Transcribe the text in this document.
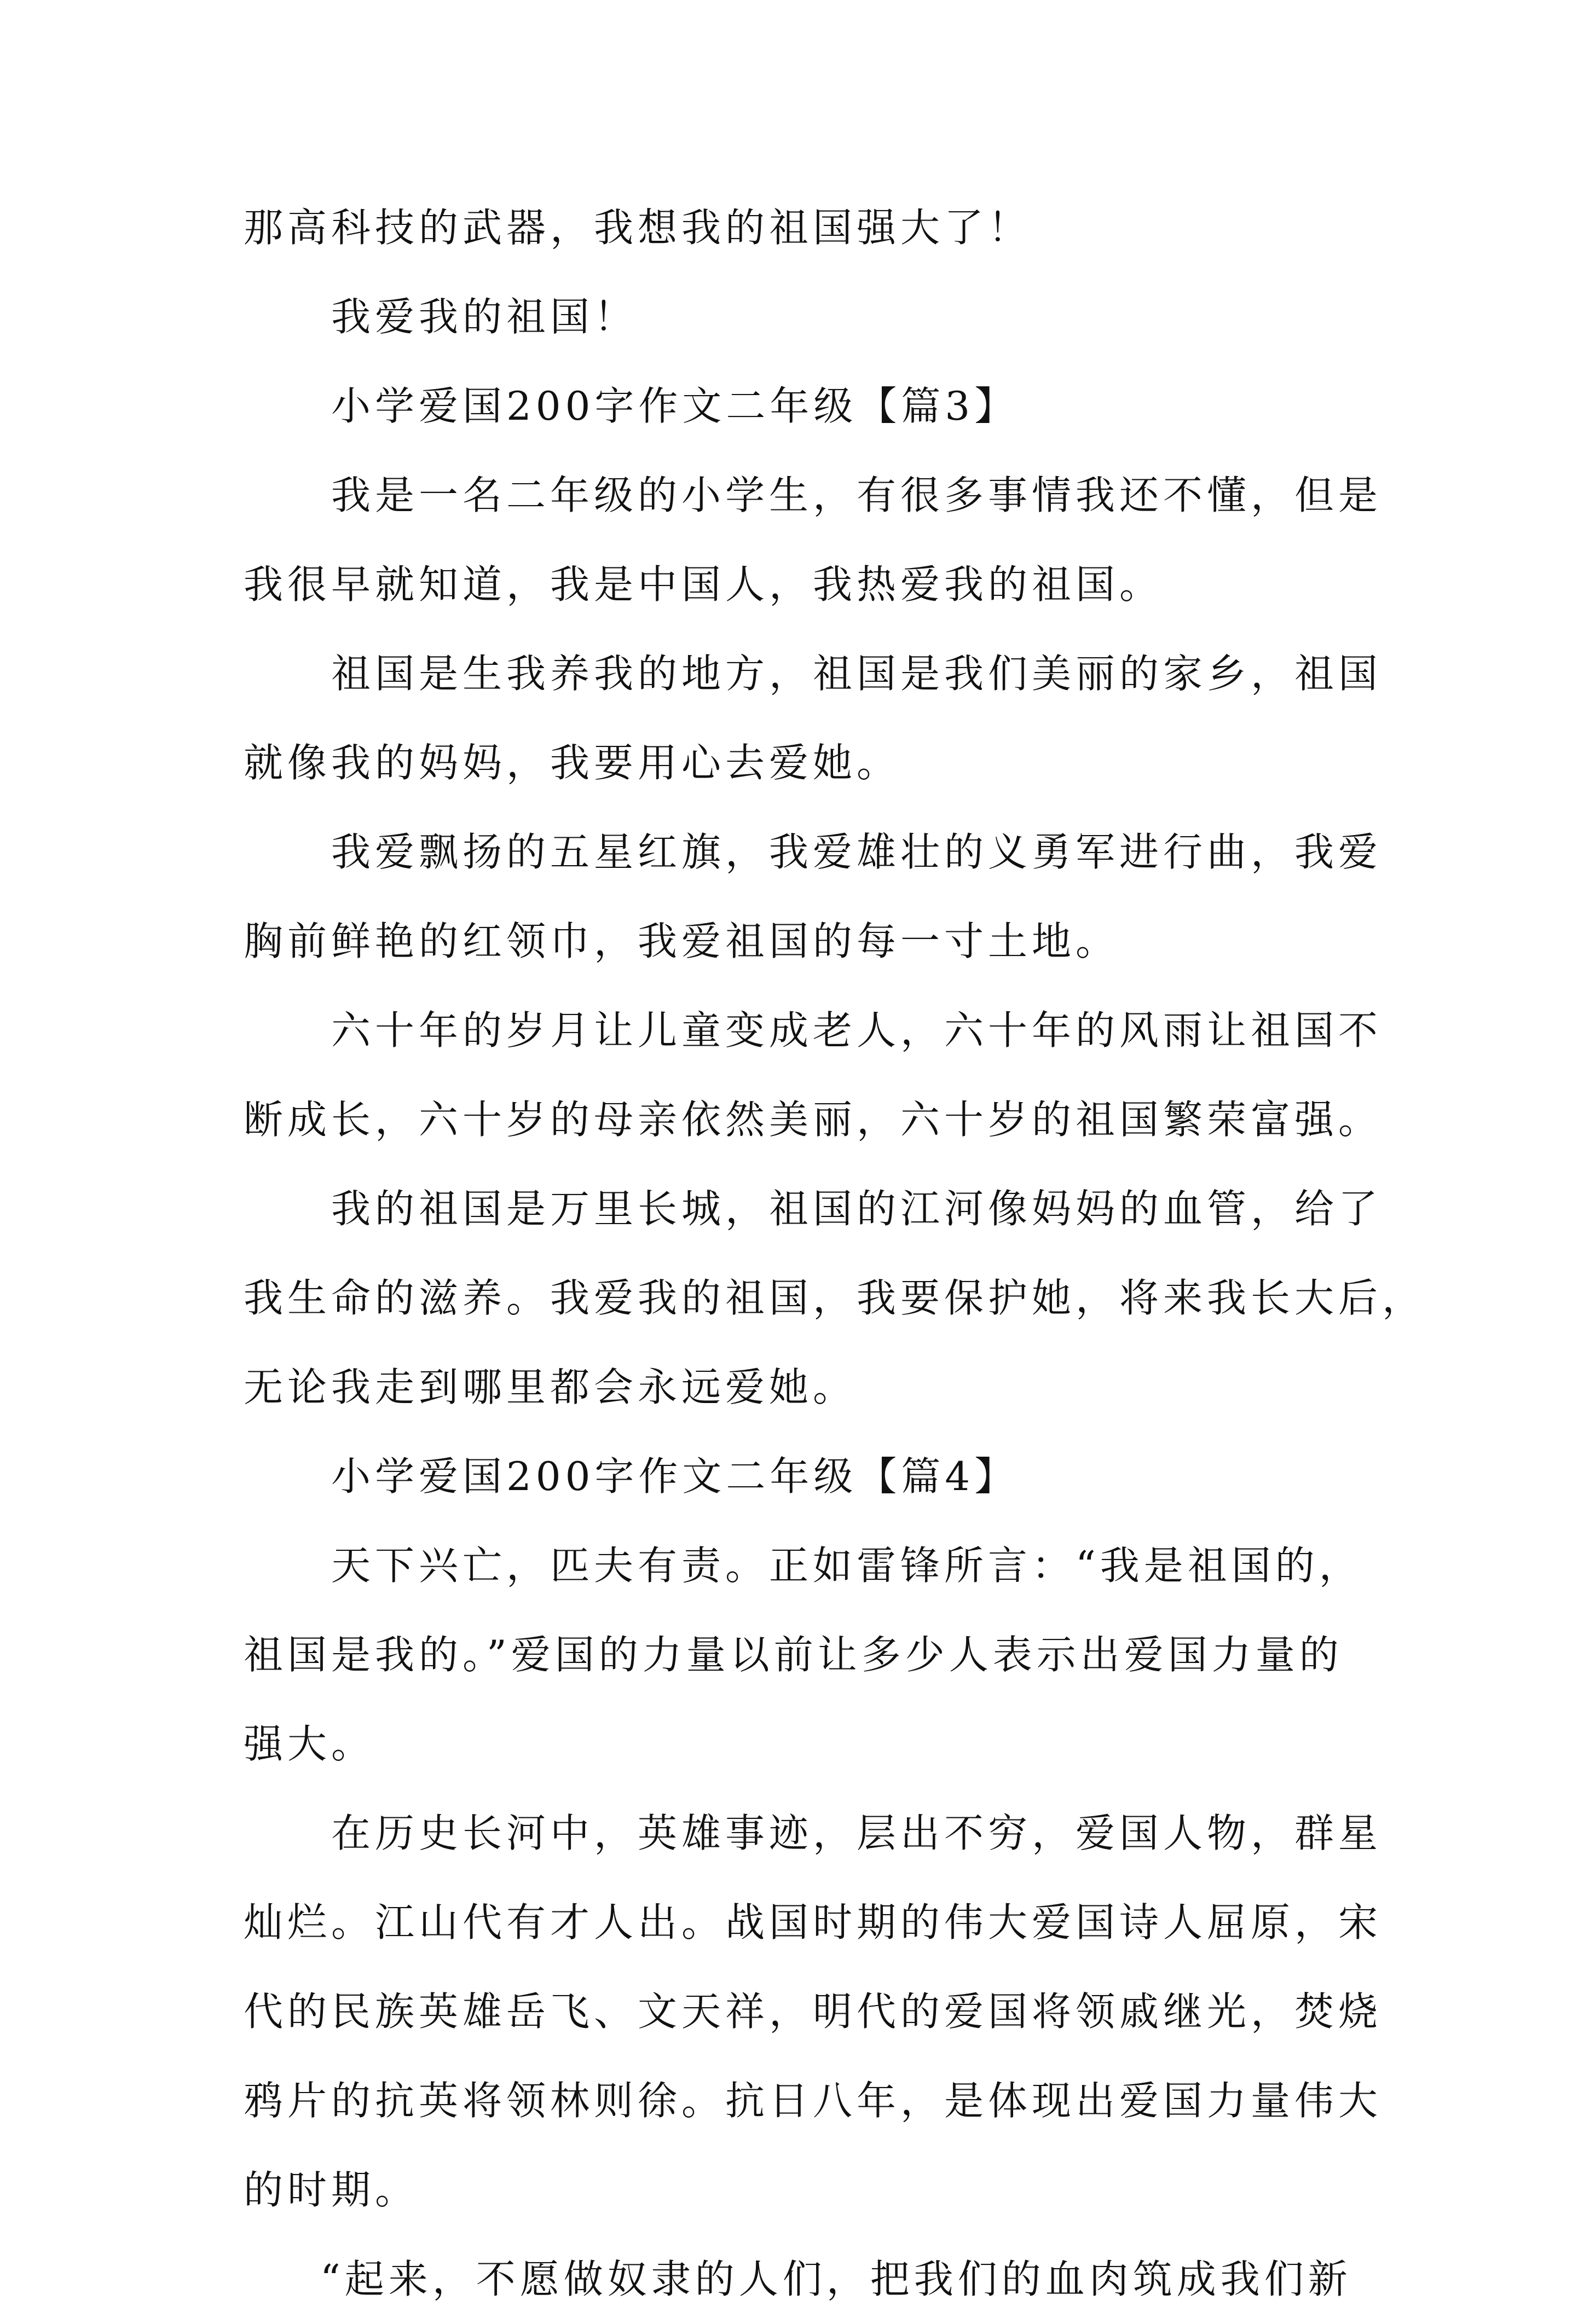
那高科技的武器，我想我的祖国强大了！
我爱我的祖国！
小学爱国200字作文二年级【篇3】
我是一名二年级的小学生，有很多事情我还不懂，但是
我很早就知道，我是中国人，我热爱我的祖国。
祖国是生我养我的地方，祖国是我们美丽的家乡，祖国
就像我的妈妈，我要用心去爱她。
我爱飘扬的五星红旗，我爱雄壮的义勇军进行曲，我爱
胸前鲜艳的红领巾，我爱祖国的每一寸土地。
六十年的岁月让儿童变成老人，六十年的风雨让祖国不
断成长，六十岁的母亲依然美丽，六十岁的祖国繁荣富强。
我的祖国是万里长城，祖国的江河像妈妈的血管，给了
我生命的滋养。我爱我的祖国，我要保护她，将来我长大后，
无论我走到哪里都会永远爱她。
小学爱国200字作文二年级【篇4】
天下兴亡，匹夫有责。正如雷锋所言：“我是祖国的，
祖国是我的。”爱国的力量以前让多少人表示出爱国力量的
强大。
在历史长河中，英雄事迹，层出不穷，爱国人物，群星
灿烂。江山代有才人出。战国时期的伟大爱国诗人屈原，宋
代的民族英雄岳飞、文天祥，明代的爱国将领戚继光，焚烧
鸦片的抗英将领林则徐。抗日八年，是体现出爱国力量伟大
的时期。
“起来，不愿做奴隶的人们，把我们的血肉筑成我们新
